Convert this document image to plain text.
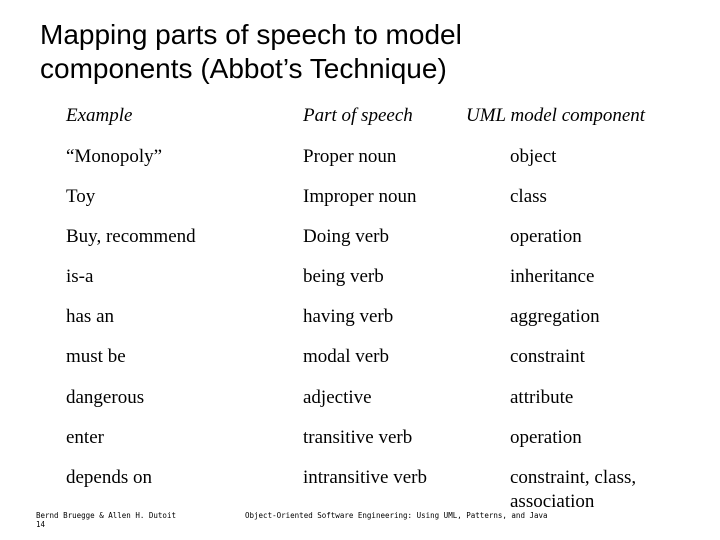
Mapping parts of speech to model
components (Abbot’s Technique)
Example	Part of speech	UML model component
“Monopoly”	Proper noun	object
Toy	Improper noun	class
Buy, recommend	Doing verb	operation
is-a	being verb	inheritance
has an	having verb	aggregation
must be	modal verb	constraint
dangerous	adjective	attribute
enter	transitive verb	operation
depends on	intransitive verb	constraint, class, association
Bernd Bruegge & Allen H. Dutoit
14
Object-Oriented Software Engineering: Using UML, Patterns, and Java
